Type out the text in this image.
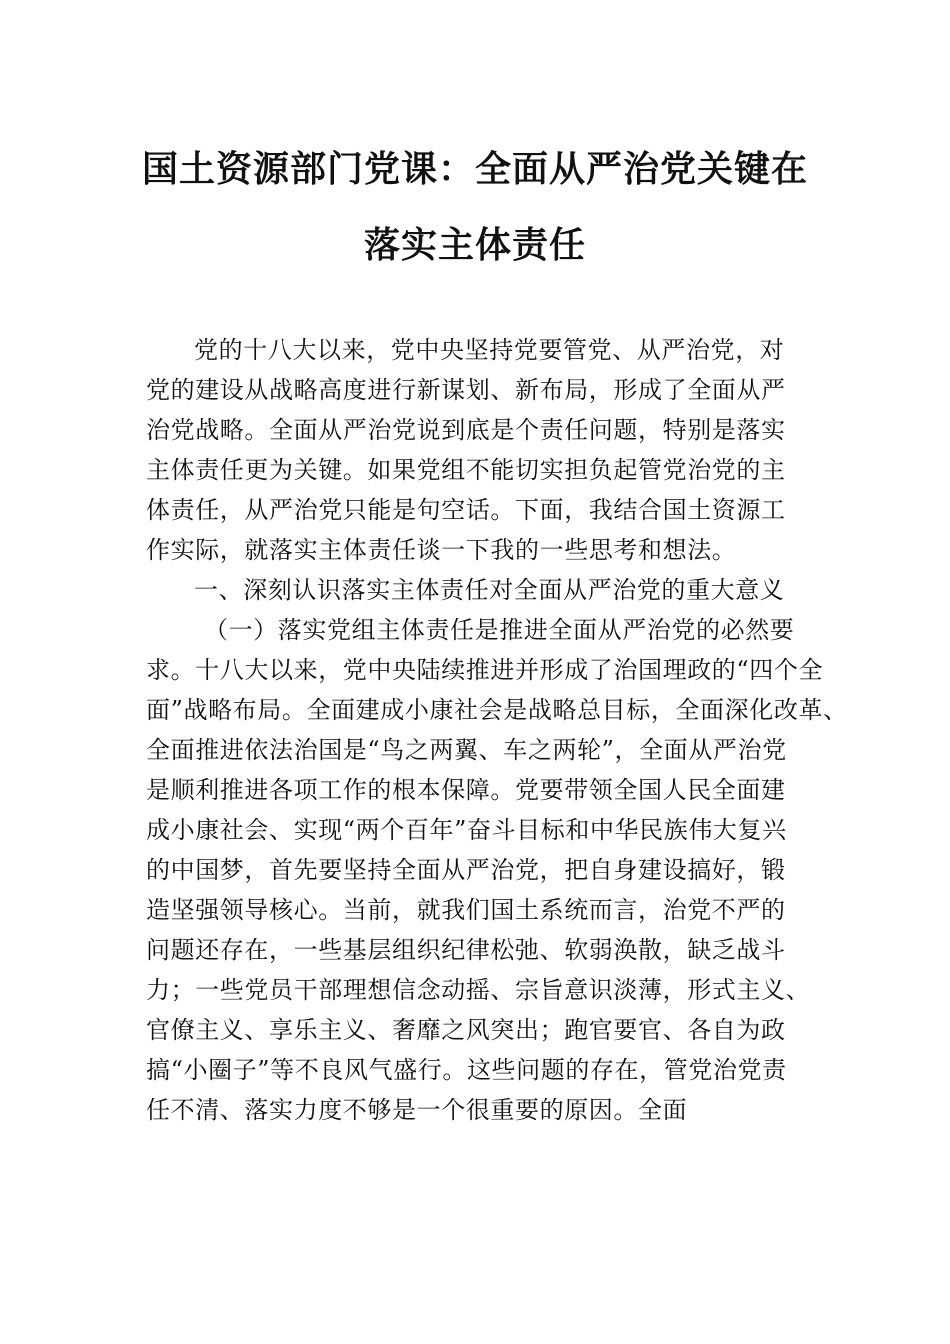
国土资源部门党课：全面从严治党关键在
落实主体责任
党的十八大以来，党中央坚持党要管党、从严治党，对
党的建设从战略高度进行新谋划、新布局，形成了全面从严
治党战略。全面从严治党说到底是个责任问题，特别是落实
主体责任更为关键。如果党组不能切实担负起管党治党的主
体责任，从严治党只能是句空话。下面，我结合国土资源工
作实际，就落实主体责任谈一下我的一些思考和想法。
一、深刻认识落实主体责任对全面从严治党的重大意义
（一）落实党组主体责任是推进全面从严治党的必然要
求。十八大以来，党中央陆续推进并形成了治国理政的“四个全
面”战略布局。全面建成小康社会是战略总目标，全面深化改革、
全面推进依法治国是“鸟之两翼、车之两轮”，全面从严治党
是顺利推进各项工作的根本保障。党要带领全国人民全面建
成小康社会、实现“两个百年”奋斗目标和中华民族伟大复兴
的中国梦，首先要坚持全面从严治党，把自身建设搞好，锻
造坚强领导核心。当前，就我们国土系统而言，治党不严的
问题还存在，一些基层组织纪律松弛、软弱涣散，缺乏战斗
力；一些党员干部理想信念动摇、宗旨意识淡薄，形式主义、
官僚主义、享乐主义、奢靡之风突出；跑官要官、各自为政
搞“小圈子”等不良风气盛行。这些问题的存在，管党治党责
任不清、落实力度不够是一个很重要的原因。全面
